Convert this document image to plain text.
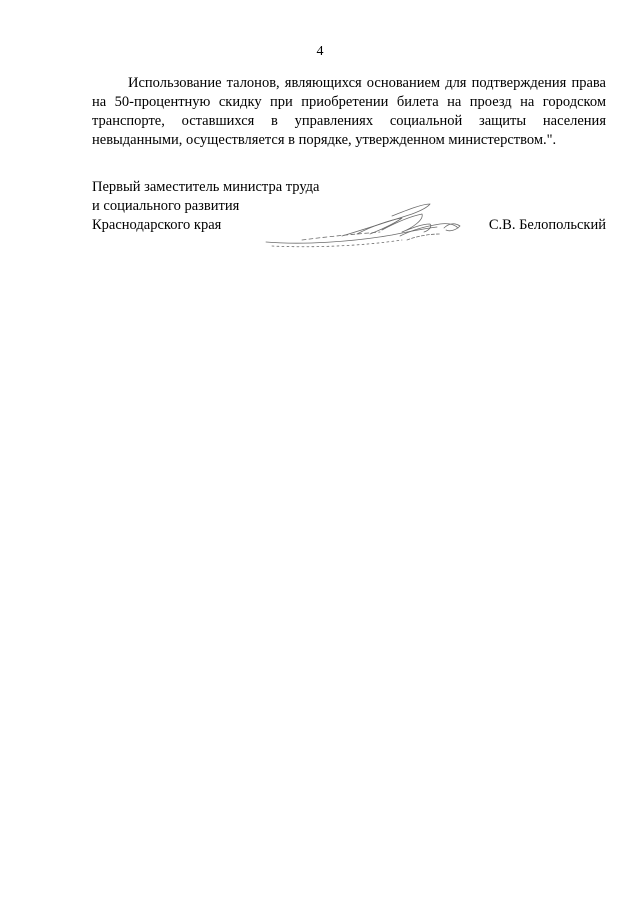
4

Использование талонов, являющихся основанием для подтверждения права на 50-процентную скидку при приобретении билета на проезд на городском транспорте, оставшихся в управлениях социальной защиты населения невыданными, осуществляется в порядке, утвержденном министерством.".

Первый заместитель министра труда
и социального развития
Краснодарского края	С.В. Белопольский
